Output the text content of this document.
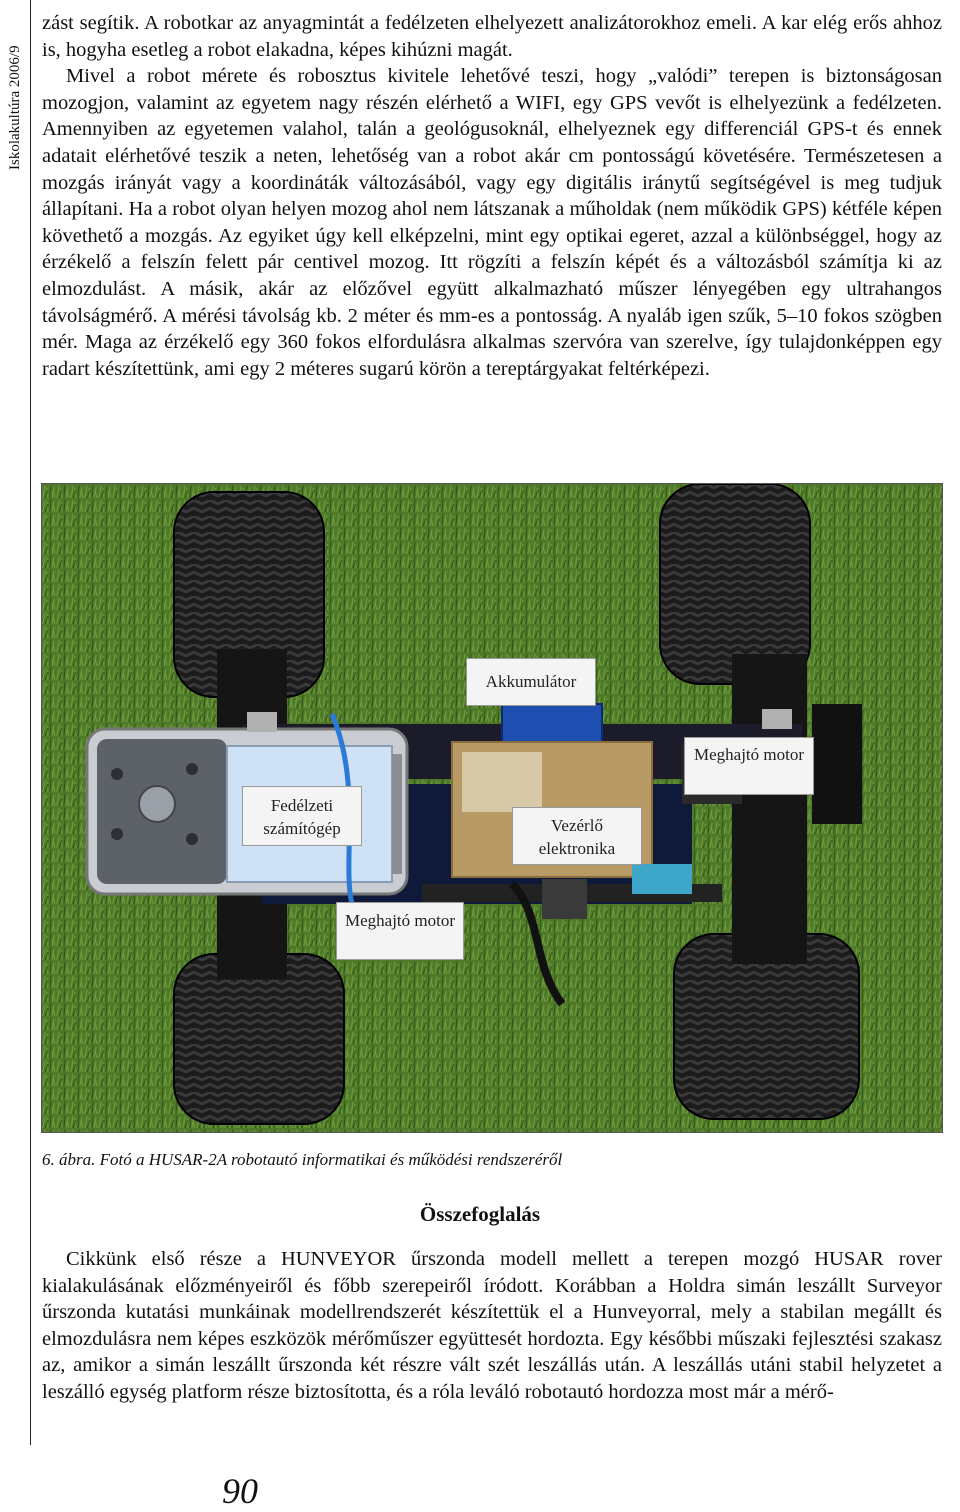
Iskolakultúra 2006/9

zást segítik. A robotkar az anyagmintát a fedélzeten elhelyezett analizátorokhoz emeli. A kar elég erős ahhoz is, hogyha esetleg a robot elakadna, képes kihúzni magát.
Mivel a robot mérete és robosztus kivitele lehetővé teszi, hogy „valódi” terepen is biztonságosan mozogjon, valamint az egyetem nagy részén elérhető a WIFI, egy GPS vevőt is elhelyezünk a fedélzeten. Amennyiben az egyetemen valahol, talán a geológusoknál, elhelyeznek egy differenciál GPS-t és ennek adatait elérhetővé teszik a neten, lehetőség van a robot akár cm pontosságú követésére. Természetesen a mozgás irányát vagy a koordináták változásából, vagy egy digitális iránytű segítségével is meg tudjuk állapítani. Ha a robot olyan helyen mozog ahol nem látszanak a műholdak (nem működik GPS) kétféle képen követhető a mozgás. Az egyiket úgy kell elképzelni, mint egy optikai egeret, azzal a különbséggel, hogy az érzékelő a felszín felett pár centivel mozog. Itt rögzíti a felszín képét és a változásból számítja ki az elmozdulást. A másik, akár az előzővel együtt alkalmazható műszer lényegében egy ultrahangos távolságmérő. A mérési távolság kb. 2 méter és mm-es a pontosság. A nyaláb igen szűk, 5–10 fokos szögben mér. Maga az érzékelő egy 360 fokos elfordulásra alkalmas szervóra van szerelve, így tulajdonképpen egy radart készítettünk, ami egy 2 méteres sugarú körön a tereptárgyakat feltérképezi.

Akkumulátor
Meghajtó motor
Fedélzeti számítógép	Vezérlő elektronika
Meghajtó motor
6. ábra. Fotó a HUSAR-2A robotautó informatikai és működési rendszeréről
Összefoglalás

Cikkünk első része a HUNVEYOR űrszonda modell mellett a terepen mozgó HUSAR rover kialakulásának előzményeiről és főbb szerepeiről íródott. Korábban a Holdra simán leszállt Surveyor űrszonda kutatási munkáinak modellrendszerét készítettük el a Hunveyorral, mely a stabilan megállt és elmozdulásra nem képes eszközök mérőműszer együttesét hordozta. Egy későbbi műszaki fejlesztési szakasz az, amikor a simán leszállt űrszonda két részre vált szét leszállás után. A leszállás utáni stabil helyzetet a leszálló egység platform része biztosította, és a róla leváló robotautó hordozza most már a mérő-

90
